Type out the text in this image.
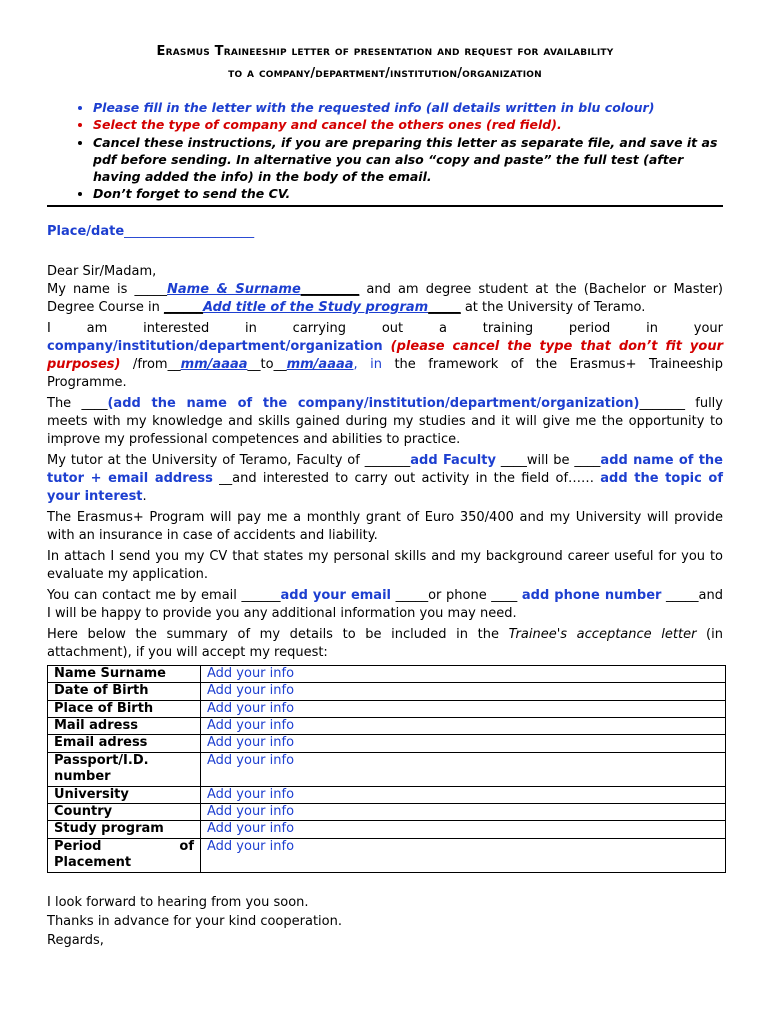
Erasmus Traineeship letter of presentation and request for availability
to a company/department/institution/organization
• Please fill in the letter with the requested info (all details written in blu colour)
• Select the type of company and cancel the others ones (red field).
• Cancel these instructions, if you are preparing this letter as separate file, and save it as pdf before sending. In alternative you can also “copy and paste” the full test (after having added the info) in the body of the email.
• Don’t forget to send the CV.

Place/date____________________

Dear Sir/Madam,

My name is _____Name & Surname_________ and am degree student at the (Bachelor or Master) Degree Course in ______Add title of the Study program_____ at the University of Teramo.

I am interested in carrying out a training period in your company/institution/department/organization (please cancel the type that don’t fit your purposes) /from__mm/aaaa__to__mm/aaaa, in the framework of the Erasmus+ Traineeship Programme.

The ____(add the name of the company/institution/department/organization)_______ fully meets with my knowledge and skills gained during my studies and it will give me the opportunity to improve my professional competences and abilities to practice.

My tutor at the University of Teramo, Faculty of _______add Faculty ____will be ____add name of the tutor + email address __and interested to carry out activity in the field of…… add the topic of your interest.

The Erasmus+ Program will pay me a monthly grant of Euro 350/400 and my University will provide with an insurance in case of accidents and liability.

In attach I send you my CV that states my personal skills and my background career useful for you to evaluate my application.

You can contact me by email ______add your email _____or phone ____ add phone number _____and I will be happy to provide you any additional information you may need.

Here below the summary of my details to be included in the Trainee's acceptance letter (in attachment), if you will accept my request:

Name Surname	Add your info
Date of Birth	Add your info
Place of Birth	Add your info
Mail adress	Add your info
Email adress	Add your info
Passport/I.D. number	Add your info
University	Add your info
Country	Add your info
Study program	Add your info
Period of Placement	Add your info

I look forward to hearing from you soon.

Thanks in advance for your kind cooperation.

Regards,
